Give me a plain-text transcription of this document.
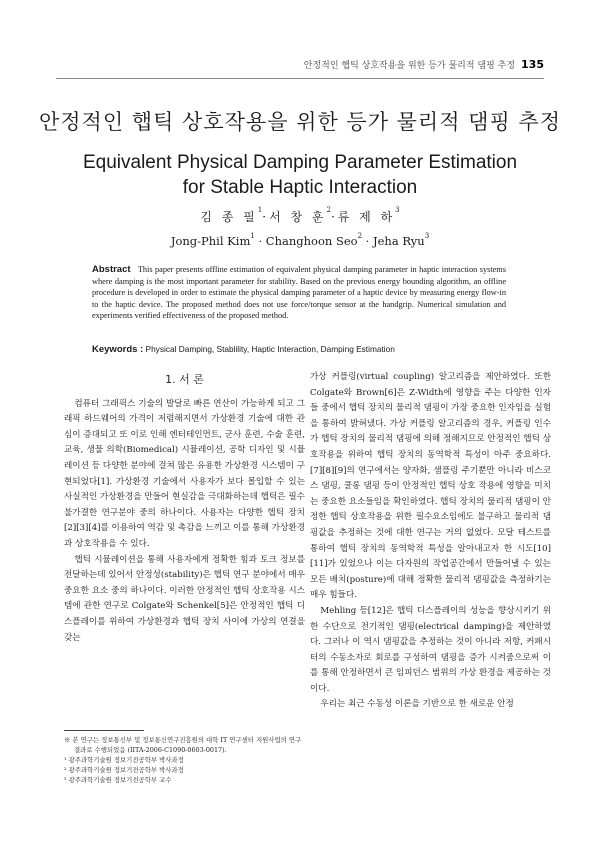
안정적인 햅틱 상호작용을 위한 등가 물리적 댐핑 추정 135
안정적인 햅틱 상호작용을 위한 등가 물리적 댐핑 추정
Equivalent Physical Damping Parameter Estimation
for Stable Haptic Interaction
김 종 필$^1$·서 창 훈$^2$·류 제 하$^3$
Jong-Phil Kim$^1$ · Changhoon Seo$^2$ · Jeha Ryu$^3$
Abstract This paper presents offline estimation of equivalent physical damping parameter in haptic interaction systems where damping is the most important parameter for stability. Based on the previous energy bounding algorithm, an offline procedure is developed in order to estimate the physical damping parameter of a haptic device by measuring energy flow-in to the haptic device. The proposed method does not use force/torque sensor at the handgrip. Numerical simulation and experiments verified effectiveness of the proposed method.
Keywords : Physical Damping, Stablility, Haptic Interaction, Damping Estimation
1. 서 론

컴퓨터 그래픽스 기술의 발달로 빠른 연산이 가능하게 되고 그래픽 하드웨어의 가격이 저렴해지면서 가상환경 기술에 대한 관심이 증대되고 또 이로 인해 엔터테인먼트, 군사 훈련, 수술 훈련, 교육, 생물 의학(Biomedical) 시뮬레이션, 공학 디자인 및 시뮬레이션 등 다양한 분야에 걸쳐 많은 유용한 가상환경 시스템이 구현되었다[1]. 가상환경 기술에서 사용자가 보다 몰입할 수 있는 사실적인 가상환경을 만들어 현실감을 극대화하는데 햅틱은 필수불가결한 연구분야 중의 하나이다. 사용자는 다양한 햅틱 장치[2][3][4]를 이용하여 역감 및 촉감을 느끼고 이를 통해 가상환경과 상호작용을 수 있다.

햅틱 시뮬레이션을 통해 사용자에게 정확한 힘과 토크 정보를 전달하는데 있어서 안정성(stability)은 햅틱 연구 분야에서 매우 중요한 요소 중의 하나이다. 이러한 안정적인 햅틱 상호작용 시스템에 관한 연구로 Colgate와 Schenkel[5]은 안정적인 햅틱 디스플레이를 위하여 가상환경과 햅틱 장치 사이에 가상의 연결을 갖는

가상 커플링(virtual coupling) 알고리즘을 제안하였다. 또한 Colgate와 Brown[6]은 Z-Width에 영향을 주는 다양한 인자들 중에서 햅틱 장치의 물리적 댐핑이 가장 중요한 인자임을 실험을 통하여 밝혀냈다. 가상 커플링 알고리즘의 경우, 커플링 인수가 햅틱 장치의 물리적 댐핑에 의해 정해지므로 안정적인 햅틱 상호작용을 위하여 햅틱 장치의 동역학적 특성이 아주 중요하다. [7][8][9]의 연구에서는 양자화, 샘플링 주기뿐만 아니라 비스코스 댐핑, 쿨롱 댐핑 등이 안정적인 햅틱 상호 작용에 영향을 미치는 중요한 요소들임을 확인하였다. 햅틱 장치의 물리적 댐핑이 안정한 햅틱 상호작용을 위한 필수요소임에도 불구하고 물리적 댐핑값을 추정하는 것에 대한 연구는 거의 없었다. 모달 테스트를 통하여 햅틱 장치의 동역학적 특성을 알아내고자 한 시도[10][11]가 있었으나 이는 다자원의 작업공간에서 만들어낼 수 있는 모든 배치(posture)에 대해 정확한 물리적 댐핑값을 측정하기는 매우 힘들다.

Mehling 등[12]은 햅틱 디스플레이의 성능을 향상시키기 위한 수단으로 전기적인 댐핑(electrical damping)을 제안하였다. 그러나 이 역시 댐핑값을 추정하는 것이 아니라 저항, 커패시터의 수동소자로 회로를 구성하여 댐핑을 증가 시켜줌으로써 이를 통해 안정하면서 큰 임피던스 범위의 가상 환경을 제공하는 것이다.

우리는 최근 수동성 이론을 기반으로 한 새로운 안정

※ 본 연구는 정보통신부 및 정보통신연구진흥원의 대학 IT 연구센터 지원사업의 연구결과로 수행되었음 (IITA-2006-C1090-0603-0017).
¹ 광주과학기술원 정보기전공학부 박사과정
² 광주과학기술원 정보기전공학부 박사과정
³ 광주과학기술원 정보기전공학부 교수
